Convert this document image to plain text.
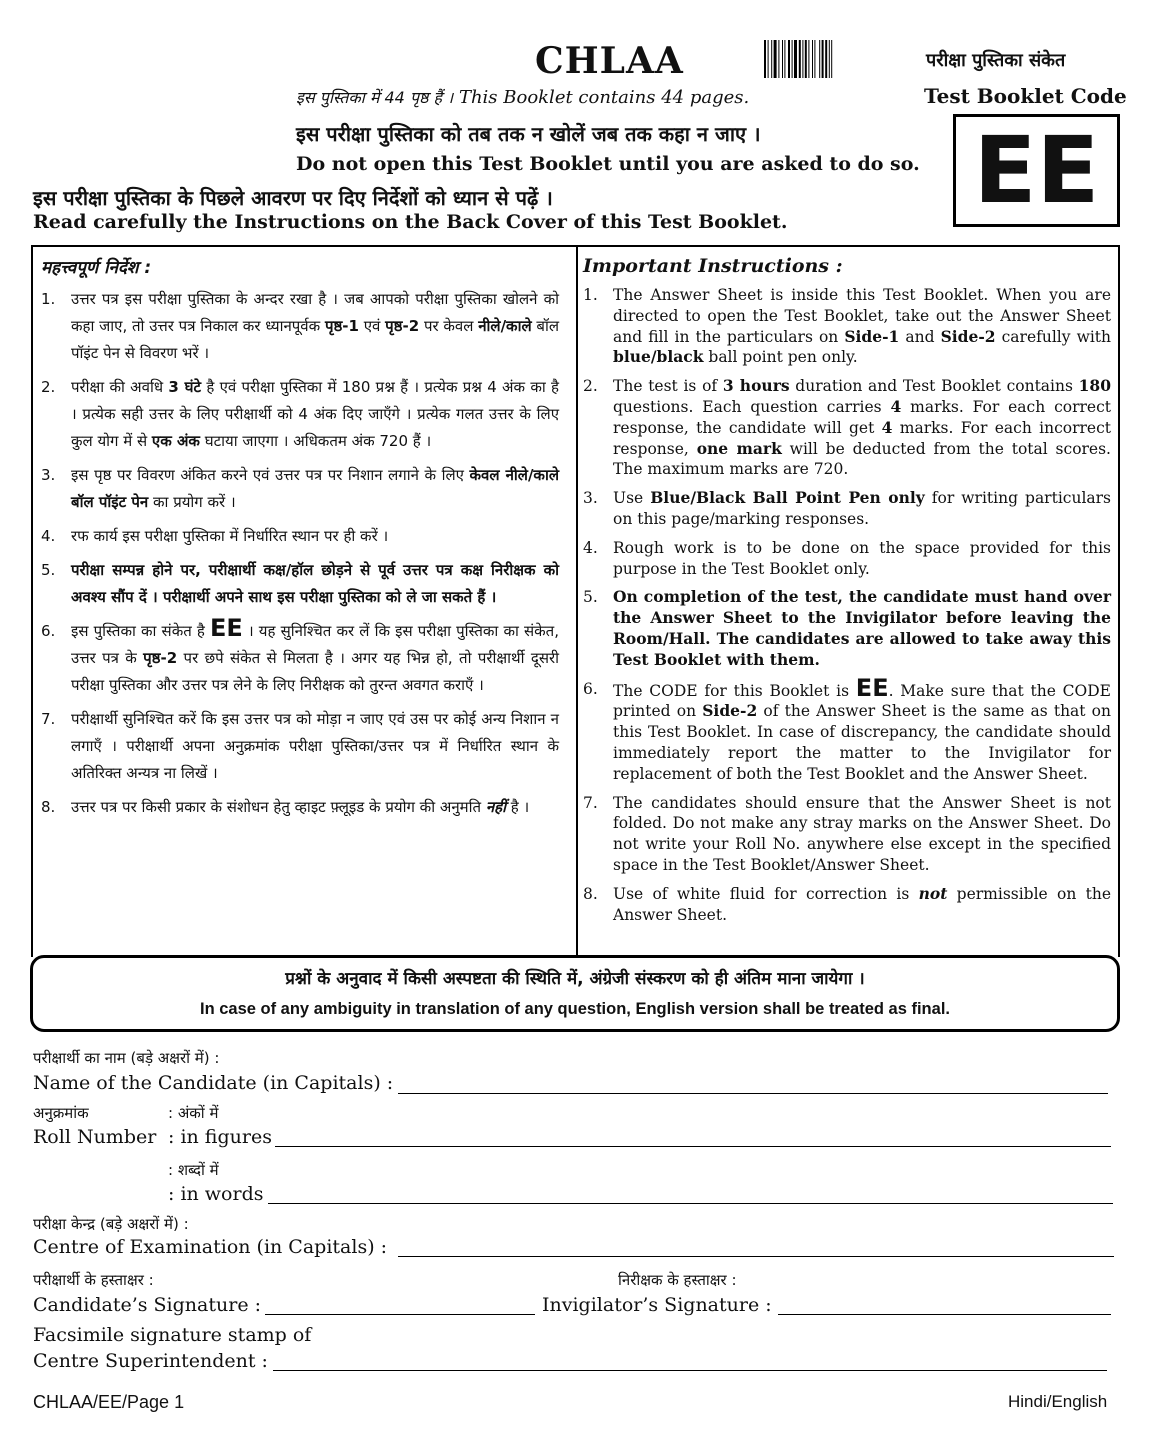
CHLAA
इस पुस्तिका में 44 पृष्ठ हैं । This Booklet contains 44 pages.
परीक्षा पुस्तिका संकेत
Test Booklet Code
EE
इस परीक्षा पुस्तिका को तब तक न खोलें जब तक कहा न जाए ।
Do not open this Test Booklet until you are asked to do so.
इस परीक्षा पुस्तिका के पिछले आवरण पर दिए निर्देशों को ध्यान से पढ़ें ।
Read carefully the Instructions on the Back Cover of this Test Booklet.
महत्त्वपूर्ण निर्देश :
1. उत्तर पत्र इस परीक्षा पुस्तिका के अन्दर रखा है । जब आपको परीक्षा पुस्तिका खोलने को कहा जाए, तो उत्तर पत्र निकाल कर ध्यानपूर्वक पृष्ठ-1 एवं पृष्ठ-2 पर केवल नीले/काले बॉल पॉइंट पेन से विवरण भरें ।
2. परीक्षा की अवधि 3 घंटे है एवं परीक्षा पुस्तिका में 180 प्रश्न हैं । प्रत्येक प्रश्न 4 अंक का है । प्रत्येक सही उत्तर के लिए परीक्षार्थी को 4 अंक दिए जाएँगे । प्रत्येक गलत उत्तर के लिए कुल योग में से एक अंक घटाया जाएगा । अधिकतम अंक 720 हैं ।
3. इस पृष्ठ पर विवरण अंकित करने एवं उत्तर पत्र पर निशान लगाने के लिए केवल नीले/काले बॉल पॉइंट पेन का प्रयोग करें ।
4. रफ कार्य इस परीक्षा पुस्तिका में निर्धारित स्थान पर ही करें ।
5. परीक्षा सम्पन्न होने पर, परीक्षार्थी कक्ष/हॉल छोड़ने से पूर्व उत्तर पत्र कक्ष निरीक्षक को अवश्य सौंप दें । परीक्षार्थी अपने साथ इस परीक्षा पुस्तिका को ले जा सकते हैं ।
6. इस पुस्तिका का संकेत है EE । यह सुनिश्चित कर लें कि इस परीक्षा पुस्तिका का संकेत, उत्तर पत्र के पृष्ठ-2 पर छपे संकेत से मिलता है । अगर यह भिन्न हो, तो परीक्षार्थी दूसरी परीक्षा पुस्तिका और उत्तर पत्र लेने के लिए निरीक्षक को तुरन्त अवगत कराएँ ।
7. परीक्षार्थी सुनिश्चित करें कि इस उत्तर पत्र को मोड़ा न जाए एवं उस पर कोई अन्य निशान न लगाएँ । परीक्षार्थी अपना अनुक्रमांक परीक्षा पुस्तिका/उत्तर पत्र में निर्धारित स्थान के अतिरिक्त अन्यत्र ना लिखें ।
8. उत्तर पत्र पर किसी प्रकार के संशोधन हेतु व्हाइट फ़्लूइड के प्रयोग की अनुमति नहीं है ।
Important Instructions :
1. The Answer Sheet is inside this Test Booklet. When you are directed to open the Test Booklet, take out the Answer Sheet and fill in the particulars on Side-1 and Side-2 carefully with blue/black ball point pen only.
2. The test is of 3 hours duration and Test Booklet contains 180 questions. Each question carries 4 marks. For each correct response, the candidate will get 4 marks. For each incorrect response, one mark will be deducted from the total scores. The maximum marks are 720.
3. Use Blue/Black Ball Point Pen only for writing particulars on this page/marking responses.
4. Rough work is to be done on the space provided for this purpose in the Test Booklet only.
5. On completion of the test, the candidate must hand over the Answer Sheet to the Invigilator before leaving the Room/Hall. The candidates are allowed to take away this Test Booklet with them.
6. The CODE for this Booklet is EE. Make sure that the CODE printed on Side-2 of the Answer Sheet is the same as that on this Test Booklet. In case of discrepancy, the candidate should immediately report the matter to the Invigilator for replacement of both the Test Booklet and the Answer Sheet.
7. The candidates should ensure that the Answer Sheet is not folded. Do not make any stray marks on the Answer Sheet. Do not write your Roll No. anywhere else except in the specified space in the Test Booklet/Answer Sheet.
8. Use of white fluid for correction is not permissible on the Answer Sheet.
प्रश्नों के अनुवाद में किसी अस्पष्टता की स्थिति में, अंग्रेजी संस्करण को ही अंतिम माना जायेगा ।
In case of any ambiguity in translation of any question, English version shall be treated as final.
परीक्षार्थी का नाम (बड़े अक्षरों में) :
Name of the Candidate (in Capitals) :
अनुक्रमांक	: अंकों में
Roll Number : in figures
: शब्दों में
: in words
परीक्षा केन्द्र (बड़े अक्षरों में) :
Centre of Examination (in Capitals) :
परीक्षार्थी के हस्ताक्षर :	निरीक्षक के हस्ताक्षर :
Candidate’s Signature :	Invigilator’s Signature :
Facsimile signature stamp of
Centre Superintendent :
CHLAA/EE/Page 1	Hindi/English
